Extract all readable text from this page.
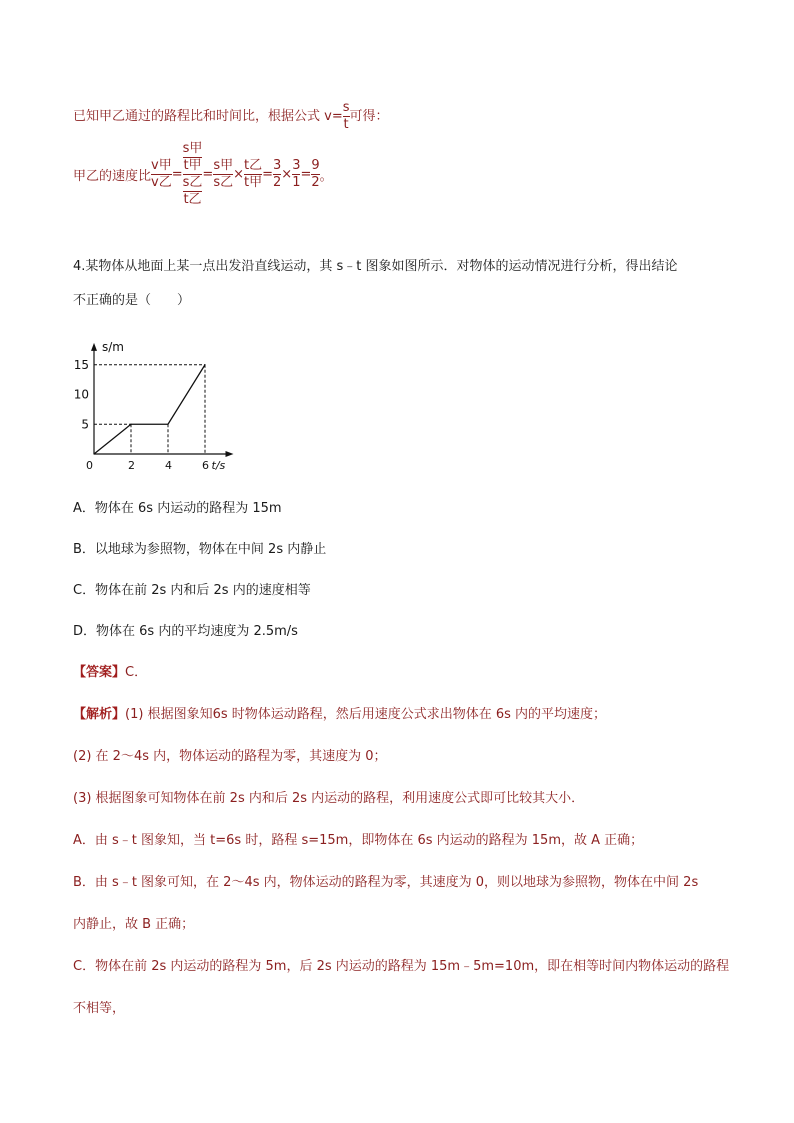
已知甲乙通过的路程比和时间比，根据公式 $v= \frac{s}{t}$ 可得：
甲乙的速度比 $\frac{\text{v甲}}{\text{v乙}} = \frac{\frac{\text{s甲}}{\text{t甲}}}{\frac{\text{s乙}}{\text{t乙}}} = \frac{\text{s甲}}{\text{s乙}} \times \frac{\text{t乙}}{\text{t甲}} = \frac{3}{2} \times \frac{3}{1} = \frac{9}{2}$ 。
4.某物体从地面上某一点出发沿直线运动，其 s﹣t 图象如图所示．对物体的运动情况进行分析，得出结论
不正确的是（　　）
s/m
t/s
0	2	4	6
5
10
15
A．物体在 6s 内运动的路程为 15m
B．以地球为参照物，物体在中间 2s 内静止
C．物体在前 2s 内和后 2s 内的速度相等
D．物体在 6s 内的平均速度为 2.5m/s
【答案】C．
【解析】(1) 根据图象知6s 时物体运动路程，然后用速度公式求出物体在 6s 内的平均速度；
(2) 在 2～4s 内，物体运动的路程为零，其速度为 0；
(3) 根据图象可知物体在前 2s 内和后 2s 内运动的路程，利用速度公式即可比较其大小．
A．由 s﹣t 图象知，当 t=6s 时，路程 s=15m，即物体在 6s 内运动的路程为 15m，故 A 正确；
B．由 s﹣t 图象可知，在 2～4s 内，物体运动的路程为零，其速度为 0，则以地球为参照物，物体在中间 2s
内静止，故 B 正确；
C．物体在前 2s 内运动的路程为 5m，后 2s 内运动的路程为 15m﹣5m=10m，即在相等时间内物体运动的路程
不相等，
